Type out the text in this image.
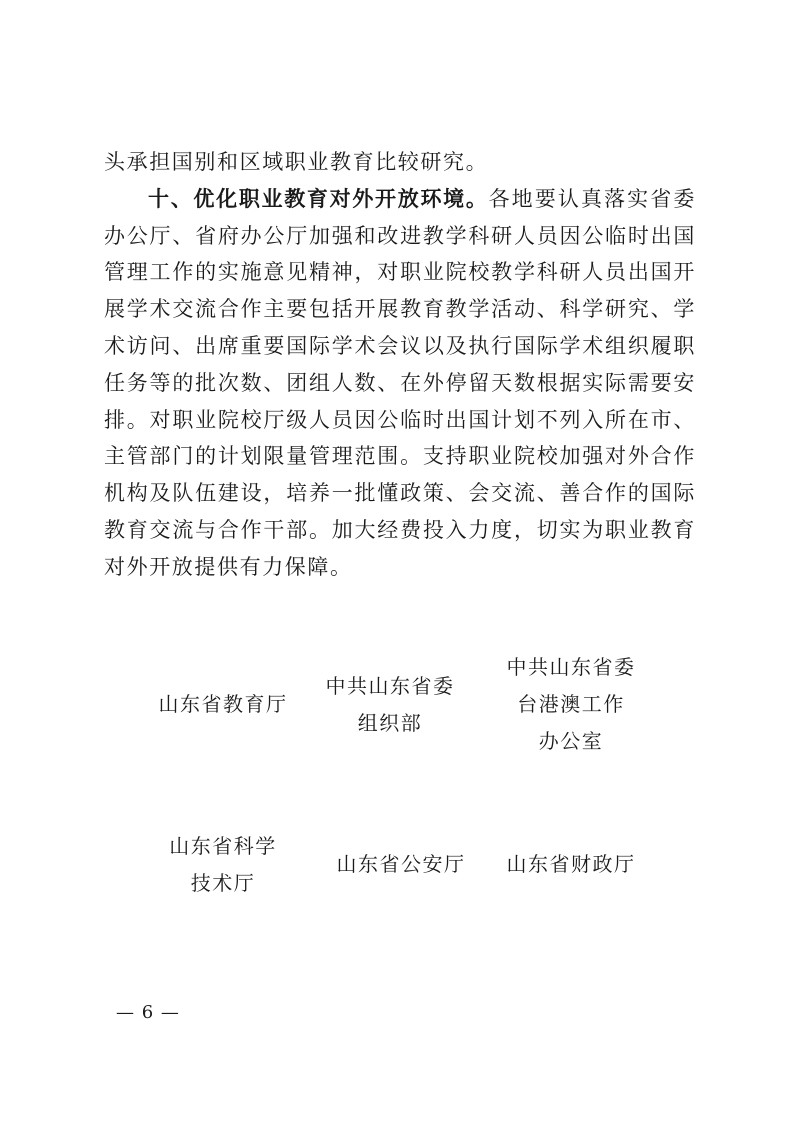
头承担国别和区域职业教育比较研究。

十、优化职业教育对外开放环境。各地要认真落实省委办公厅、省府办公厅加强和改进教学科研人员因公临时出国管理工作的实施意见精神，对职业院校教学科研人员出国开展学术交流合作主要包括开展教育教学活动、科学研究、学术访问、出席重要国际学术会议以及执行国际学术组织履职任务等的批次数、团组人数、在外停留天数根据实际需要安排。对职业院校厅级人员因公临时出国计划不列入所在市、主管部门的计划限量管理范围。支持职业院校加强对外合作机构及队伍建设，培养一批懂政策、会交流、善合作的国际教育交流与合作干部。加大经费投入力度，切实为职业教育对外开放提供有力保障。

山东省教育厅
中共山东省委
组织部
中共山东省委
台港澳工作
办公室
山东省科学
技术厅
山东省公安厅	山东省财政厅
— 6 —
